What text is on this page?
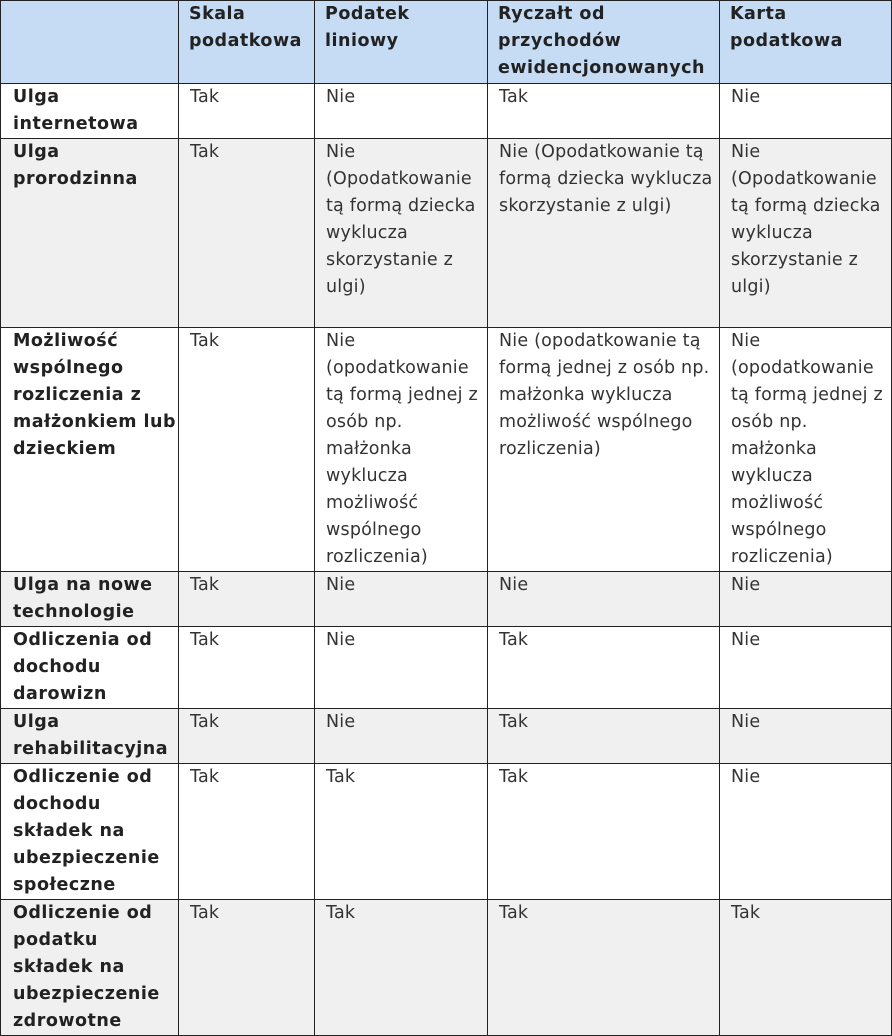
	Skala podatkowa	Podatek liniowy	Ryczałt od przychodów ewidencjonowanych	Karta podatkowa
Ulga internetowa	Tak	Nie	Tak	Nie
Ulga prorodzinna	Tak	Nie (Opodatkowanie tą formą dziecka wyklucza skorzystanie z ulgi)	Nie (Opodatkowanie tą formą dziecka wyklucza skorzystanie z ulgi)	Nie (Opodatkowanie tą formą dziecka wyklucza skorzystanie z ulgi)
Możliwość wspólnego rozliczenia z małżonkiem lub dzieckiem	Tak	Nie (opodatkowanie tą formą jednej z osób np. małżonka wyklucza możliwość wspólnego rozliczenia)	Nie (opodatkowanie tą formą jednej z osób np. małżonka wyklucza możliwość wspólnego rozliczenia)	Nie (opodatkowanie tą formą jednej z osób np. małżonka wyklucza możliwość wspólnego rozliczenia)
Ulga na nowe technologie	Tak	Nie	Nie	Nie
Odliczenia od dochodu darowizn	Tak	Nie	Tak	Nie
Ulga rehabilitacyjna	Tak	Nie	Tak	Nie
Odliczenie od dochodu składek na ubezpieczenie społeczne	Tak	Tak	Tak	Nie
Odliczenie od podatku składek na ubezpieczenie zdrowotne	Tak	Tak	Tak	Tak
